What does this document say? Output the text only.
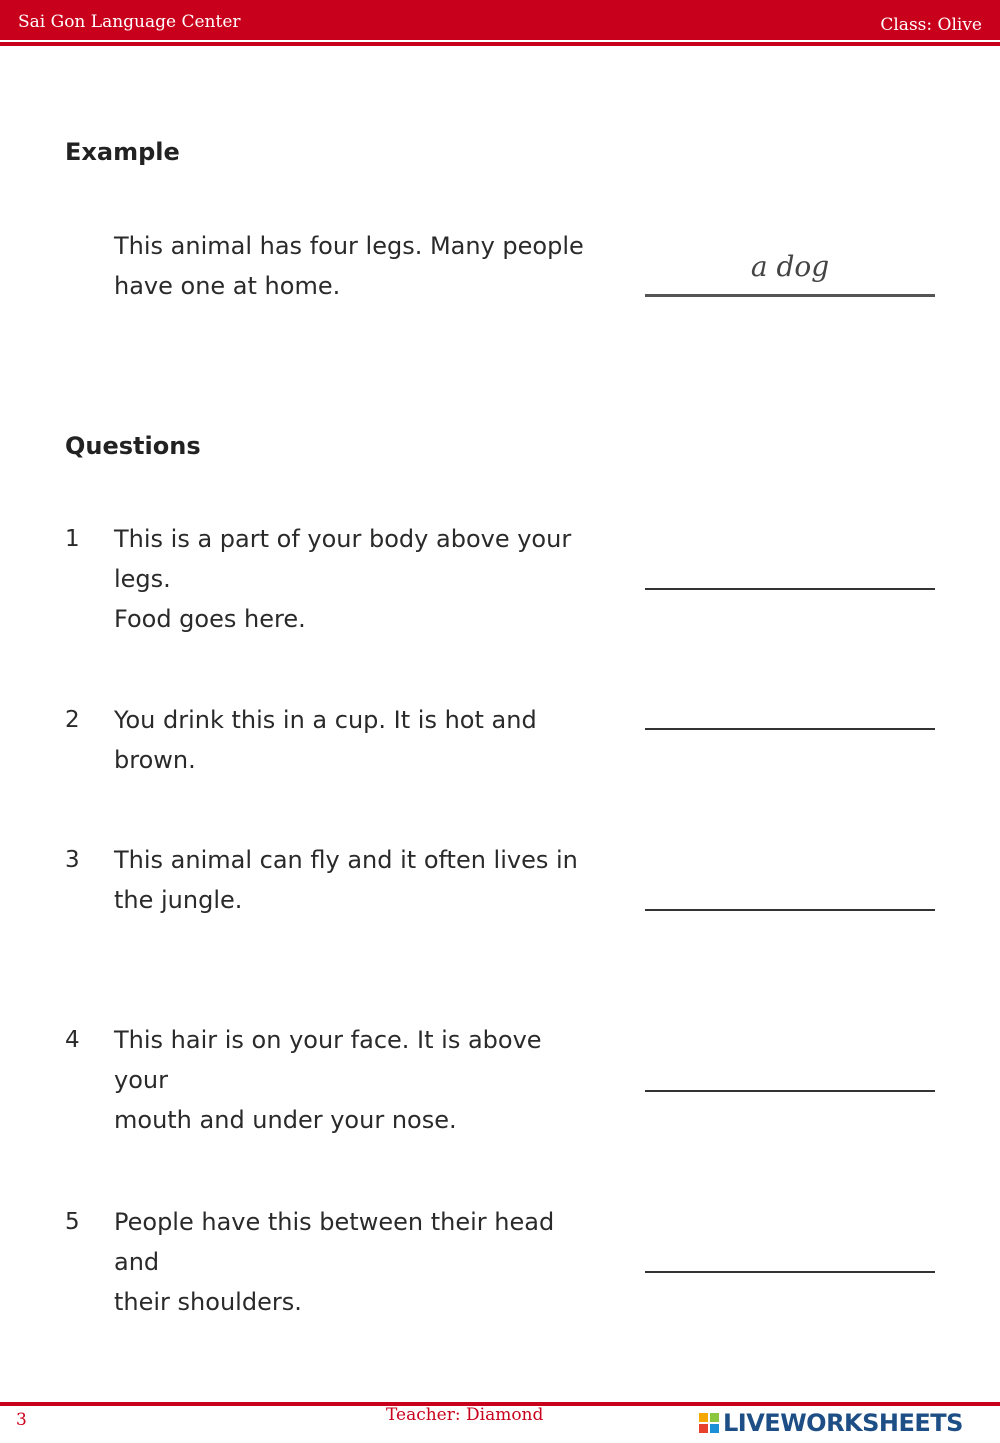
Sai Gon Language Center	Class: Olive
Example
This animal has four legs. Many people
have one at home.
a dog
Questions
1 This is a part of your body above your legs.
Food goes here.
2 You drink this in a cup. It is hot and brown.
3 This animal can fly and it often lives in
the jungle.
4 This hair is on your face. It is above your
mouth and under your nose.
5 People have this between their head and
their shoulders.
3	Teacher: Diamond	LIVEWORKSHEETS
